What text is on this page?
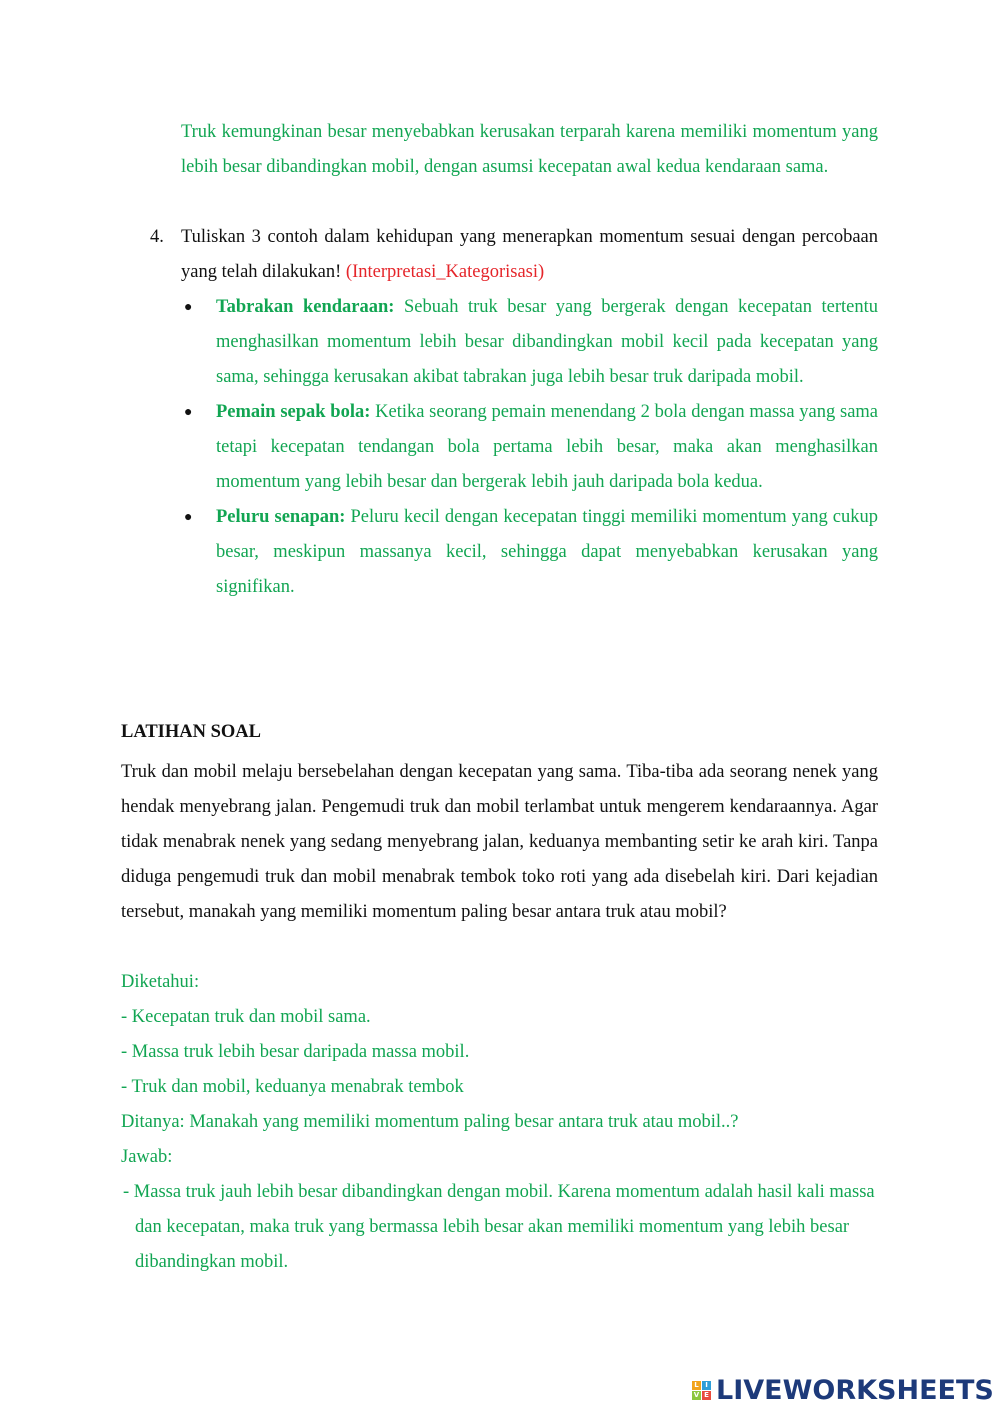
Truk kemungkinan besar menyebabkan kerusakan terparah karena memiliki momentum yang lebih besar dibandingkan mobil, dengan asumsi kecepatan awal kedua kendaraan sama.
4. Tuliskan 3 contoh dalam kehidupan yang menerapkan momentum sesuai dengan percobaan yang telah dilakukan! (Interpretasi_Kategorisasi)
● Tabrakan kendaraan: Sebuah truk besar yang bergerak dengan kecepatan tertentu menghasilkan momentum lebih besar dibandingkan mobil kecil pada kecepatan yang sama, sehingga kerusakan akibat tabrakan juga lebih besar truk daripada mobil.
● Pemain sepak bola: Ketika seorang pemain menendang 2 bola dengan massa yang sama tetapi kecepatan tendangan bola pertama lebih besar, maka akan menghasilkan momentum yang lebih besar dan bergerak lebih jauh daripada bola kedua.
● Peluru senapan: Peluru kecil dengan kecepatan tinggi memiliki momentum yang cukup besar, meskipun massanya kecil, sehingga dapat menyebabkan kerusakan yang signifikan.
LATIHAN SOAL
Truk dan mobil melaju bersebelahan dengan kecepatan yang sama. Tiba-tiba ada seorang nenek yang hendak menyebrang jalan. Pengemudi truk dan mobil terlambat untuk mengerem kendaraannya. Agar tidak menabrak nenek yang sedang menyebrang jalan, keduanya membanting setir ke arah kiri. Tanpa diduga pengemudi truk dan mobil menabrak tembok toko roti yang ada disebelah kiri. Dari kejadian tersebut, manakah yang memiliki momentum paling besar antara truk atau mobil?
Diketahui:
- Kecepatan truk dan mobil sama.
- Massa truk lebih besar daripada massa mobil.
- Truk dan mobil, keduanya menabrak tembok
Ditanya: Manakah yang memiliki momentum paling besar antara truk atau mobil..?
Jawab:
- Massa truk jauh lebih besar dibandingkan dengan mobil. Karena momentum adalah hasil kali massa dan kecepatan, maka truk yang bermassa lebih besar akan memiliki momentum yang lebih besar dibandingkan mobil.
L I
V E LIVEWORKSHEETS
